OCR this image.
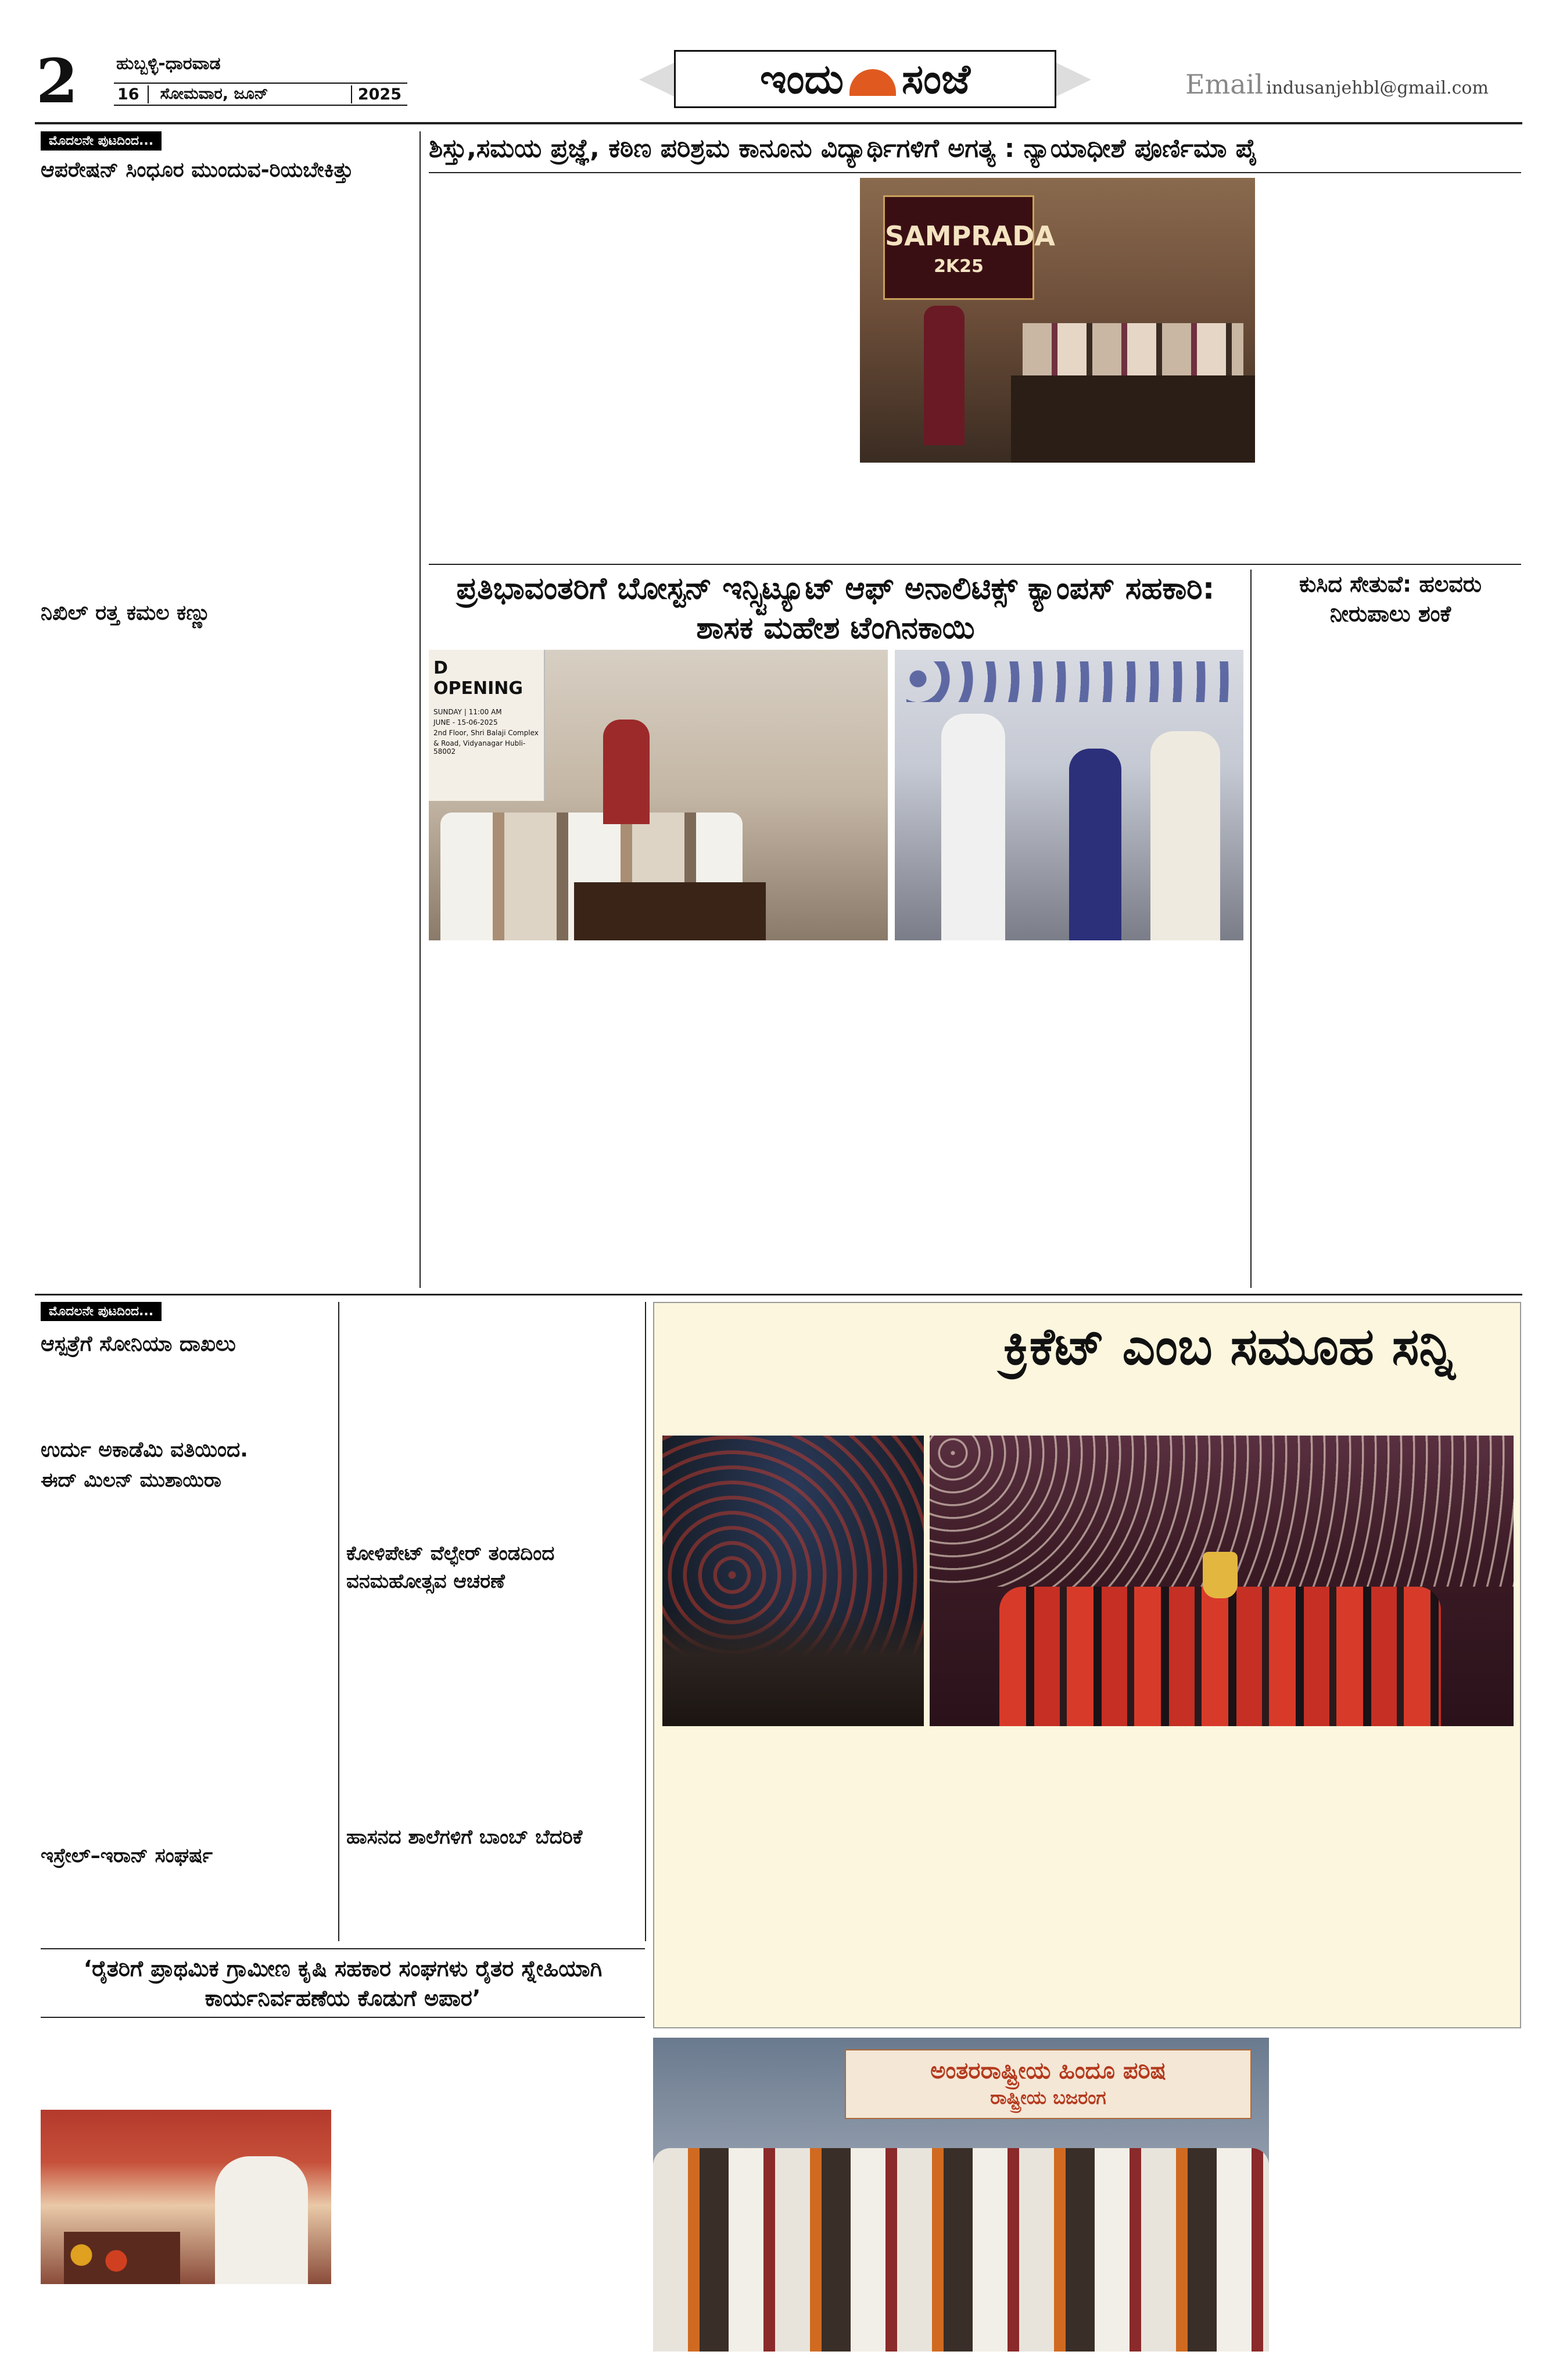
2 ಹುಬ್ಬಳ್ಳಿ-ಧಾರವಾಡ
16	ಸೋಮವಾರ, ಜೂನ್	2025	ಇಂದು ಸಂಜೆ	Email indusanjehbl@gmail.com
ಮೊದಲನೇ ಪುಟದಿಂದ...
ಆಪರೇಷನ್ ಸಿಂಧೂರ ಮುಂದುವ-ರಿಯಬೇಕಿತ್ತು
ನಿಖಿಲ್ ರತ್ತ ಕಮಲ ಕಣ್ಣು
ಶಿಸ್ತು,ಸಮಯ ಪ್ರಜ್ಞೆ, ಕಠಿಣ ಪರಿಶ್ರಮ ಕಾನೂನು ವಿದ್ಯಾರ್ಥಿಗಳಿಗೆ ಅಗತ್ಯ : ನ್ಯಾಯಾಧೀಶೆ ಪೂರ್ಣಿಮಾ ಪೈ
SAMPRADA
2K25
ಪ್ರತಿಭಾವಂತರಿಗೆ ಬೋಸ್ಟನ್‌ ಇನ್ಸ್ಟಿಟ್ಯೂಟ್ ಆಫ್ ಅನಾಲಿಟಿಕ್ಸ್ ಕ್ಯಾಂಪಸ್ ಸಹಕಾರಿ: ಶಾಸಕ ಮಹೇಶ ಟೆಂಗಿನಕಾಯಿ
D OPENING
SUNDAY | 11:00 AM
JUNE - 15-06-2025
2nd Floor, Shri Balaji Complex
& Road, Vidyanagar Hubli-58002
ಕುಸಿದ ಸೇತುವೆ: ಹಲವರು ನೀರುಪಾಲು ಶಂಕೆ
ಮೊದಲನೇ ಪುಟದಿಂದ...
ಆಸ್ಪತ್ರೆಗೆ ಸೋನಿಯಾ ದಾಖಲು
ಉರ್ದು ಅಕಾಡೆಮಿ ವತಿಯಿಂದ.
ಈದ್ ಮಿಲನ್ ಮುಶಾಯಿರಾ
ಇಸ್ರೇಲ್–ಇರಾನ್ ಸಂಘರ್ಷ
ಕೋಳಿಪೇಟ್ ವೆಲ್ಫೇರ್ ತಂಡದಿಂದ ವನಮಹೋತ್ಸವ ಆಚರಣೆ
ಹಾಸನದ ಶಾಲೆಗಳಿಗೆ ಬಾಂಬ್ ಬೆದರಿಕೆ
‘ರೈತರಿಗೆ ಪ್ರಾಥಮಿಕ ಗ್ರಾಮೀಣ ಕೃಷಿ ಸಹಕಾರ ಸಂಘಗಳು ರೈತರ ಸ್ನೇಹಿಯಾಗಿ ಕಾರ್ಯನಿರ್ವಹಣೆಯ ಕೊಡುಗೆ ಅಪಾರ’
ಕ್ರಿಕೆಟ್ ಎಂಬ ಸಮೂಹ ಸನ್ನಿ
ಅಂತರರಾಷ್ಟ್ರೀಯ ಹಿಂದೂ ಪರಿಷ
ರಾಷ್ಟ್ರೀಯ ಬಜರಂಗ
